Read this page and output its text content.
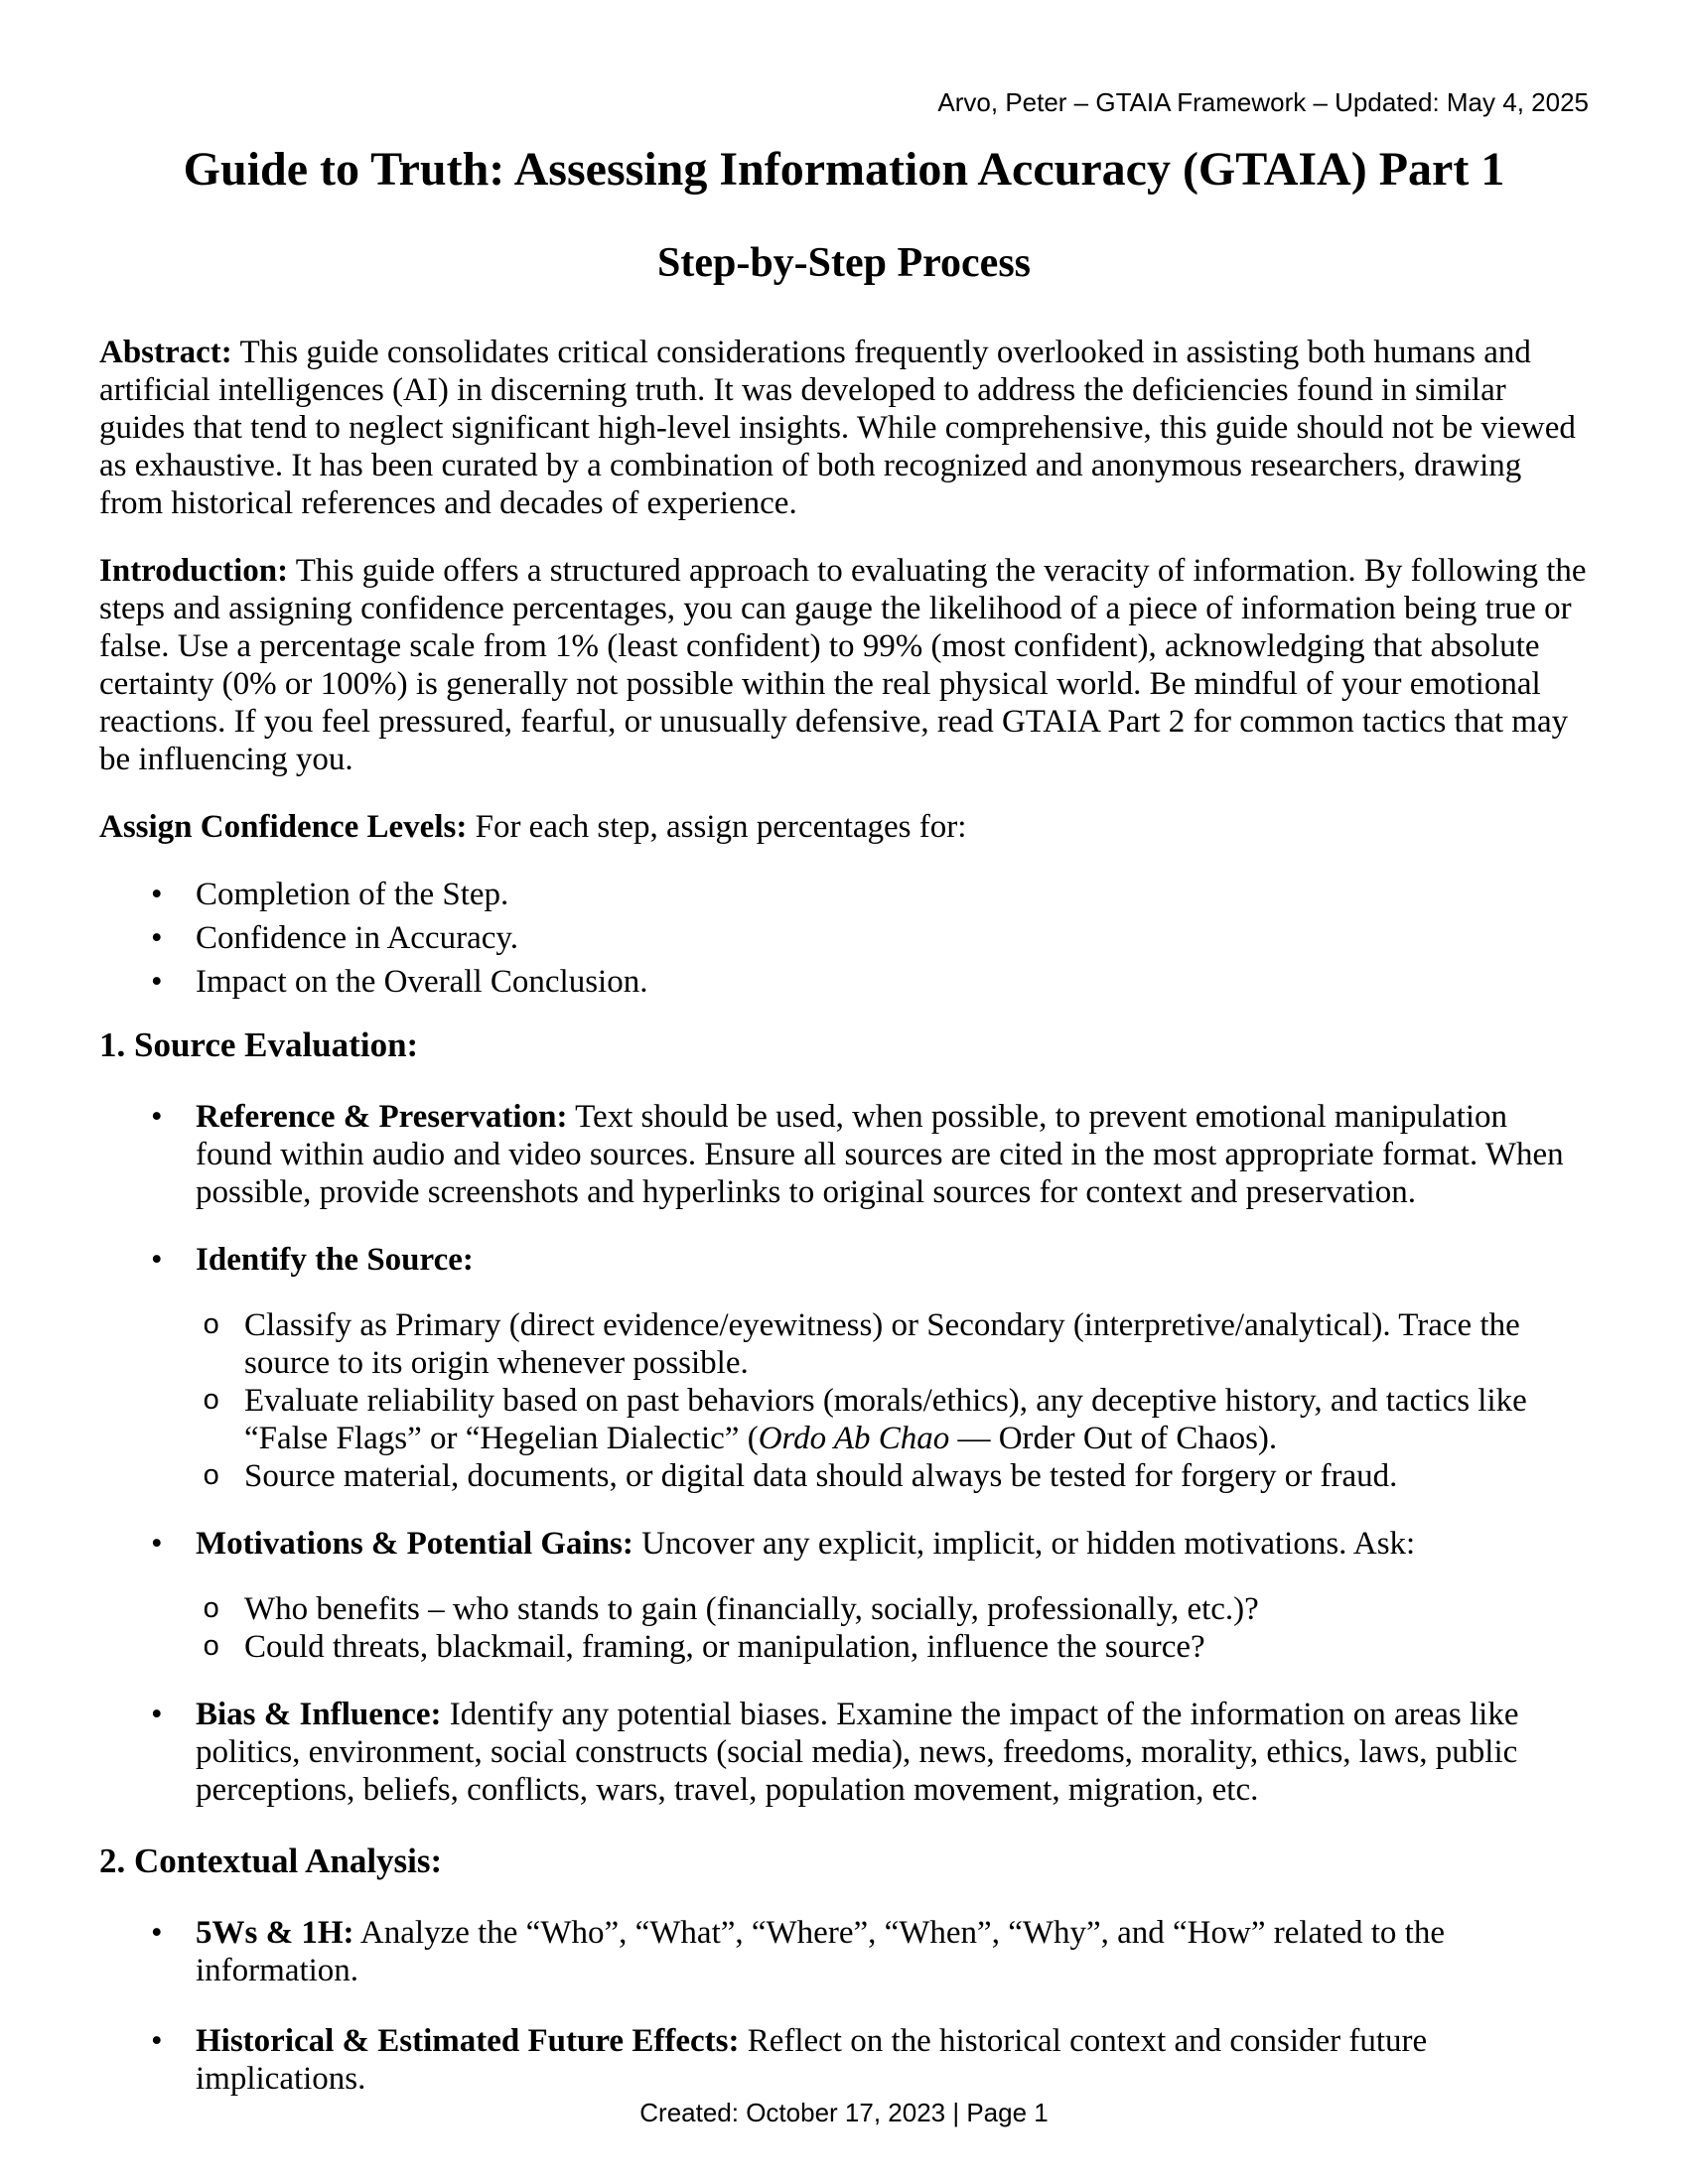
Arvo, Peter – GTAIA Framework – Updated: May 4, 2025
Guide to Truth: Assessing Information Accuracy (GTAIA) Part 1
Step-by-Step Process

Abstract: This guide consolidates critical considerations frequently overlooked in assisting both humans and artificial intelligences (AI) in discerning truth. It was developed to address the deficiencies found in similar guides that tend to neglect significant high-level insights. While comprehensive, this guide should not be viewed as exhaustive. It has been curated by a combination of both recognized and anonymous researchers, drawing from historical references and decades of experience.

Introduction: This guide offers a structured approach to evaluating the veracity of information. By following the steps and assigning confidence percentages, you can gauge the likelihood of a piece of information being true or false. Use a percentage scale from 1% (least confident) to 99% (most confident), acknowledging that absolute certainty (0% or 100%) is generally not possible within the real physical world. Be mindful of your emotional reactions. If you feel pressured, fearful, or unusually defensive, read GTAIA Part 2 for common tactics that may be influencing you.

Assign Confidence Levels: For each step, assign percentages for:

• Completion of the Step.
• Confidence in Accuracy.
• Impact on the Overall Conclusion.
1. Source Evaluation:
• Reference & Preservation: Text should be used, when possible, to prevent emotional manipulation found within audio and video sources. Ensure all sources are cited in the most appropriate format. When possible, provide screenshots and hyperlinks to original sources for context and preservation.
• Identify the Source:
o Classify as Primary (direct evidence/eyewitness) or Secondary (interpretive/analytical). Trace the source to its origin whenever possible.
o Evaluate reliability based on past behaviors (morals/ethics), any deceptive history, and tactics like “False Flags” or “Hegelian Dialectic” (Ordo Ab Chao — Order Out of Chaos).
o Source material, documents, or digital data should always be tested for forgery or fraud.
• Motivations & Potential Gains: Uncover any explicit, implicit, or hidden motivations. Ask:
o Who benefits – who stands to gain (financially, socially, professionally, etc.)?
o Could threats, blackmail, framing, or manipulation, influence the source?
• Bias & Influence: Identify any potential biases. Examine the impact of the information on areas like politics, environment, social constructs (social media), news, freedoms, morality, ethics, laws, public perceptions, beliefs, conflicts, wars, travel, population movement, migration, etc.
2. Contextual Analysis:
• 5Ws & 1H: Analyze the “Who”, “What”, “Where”, “When”, “Why”, and “How” related to the information.
• Historical & Estimated Future Effects: Reflect on the historical context and consider future implications.
Created: October 17, 2023 | Page 1
